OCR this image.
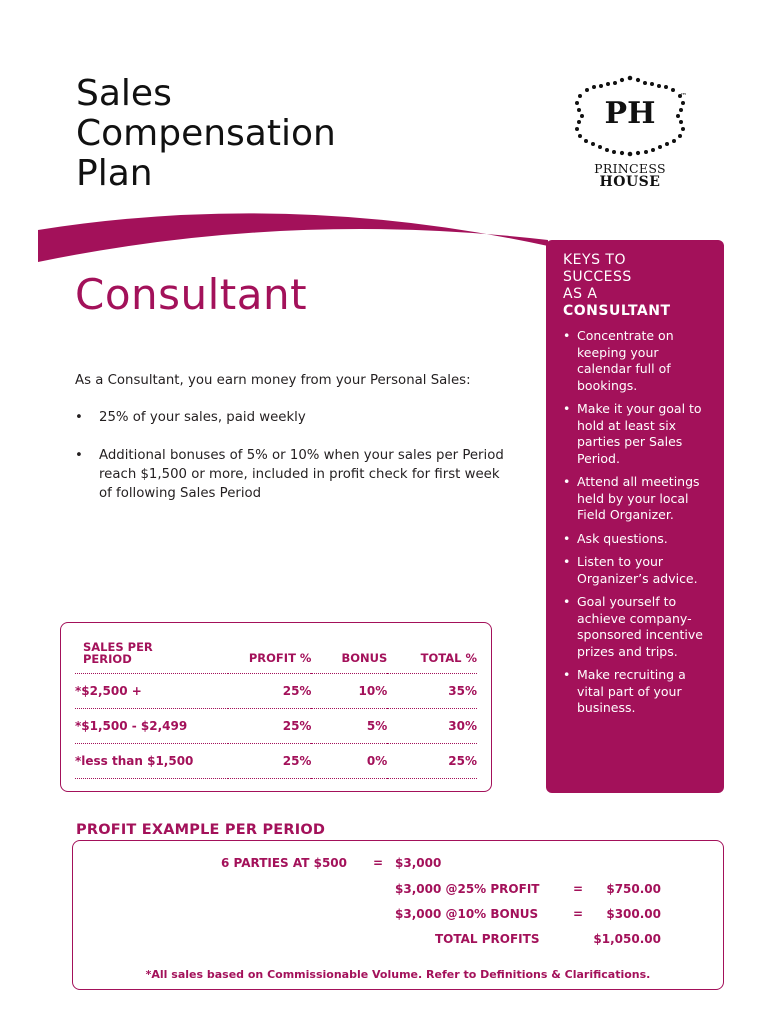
Sales
Compensation
Plan
PH	™
PRINCESS
HOUSE
Consultant

As a Consultant, you earn money from your Personal Sales:

• 25% of your sales, paid weekly
• Additional bonuses of 5% or 10% when your sales per Period reach $1,500 or more, included in profit check for first week of following Sales Period
KEYS TO
SUCCESS
AS A
CONSULTANT
• Concentrate on keeping your calendar full of bookings.
• Make it your goal to hold at least six parties per Sales Period.
• Attend all meetings held by your local Field Organizer.
• Ask questions.
• Listen to your Organizer’s advice.
• Goal yourself to achieve company-sponsored incentive prizes and trips.
• Make recruiting a vital part of your business.
SALES PER PERIOD	PROFIT %	BONUS	TOTAL %
*$2,500 +	25%	10%	35%
*$1,500 - $2,499	25%	5%	30%
*less than $1,500	25%	0%	25%
PROFIT EXAMPLE PER PERIOD
6 PARTIES AT $500 = $3,000
$3,000 @25% PROFIT	= $750.00
$3,000 @10% BONUS	= $300.00
TOTAL PROFITS	$1,050.00
*All sales based on Commissionable Volume. Refer to Definitions & Clarifications.
